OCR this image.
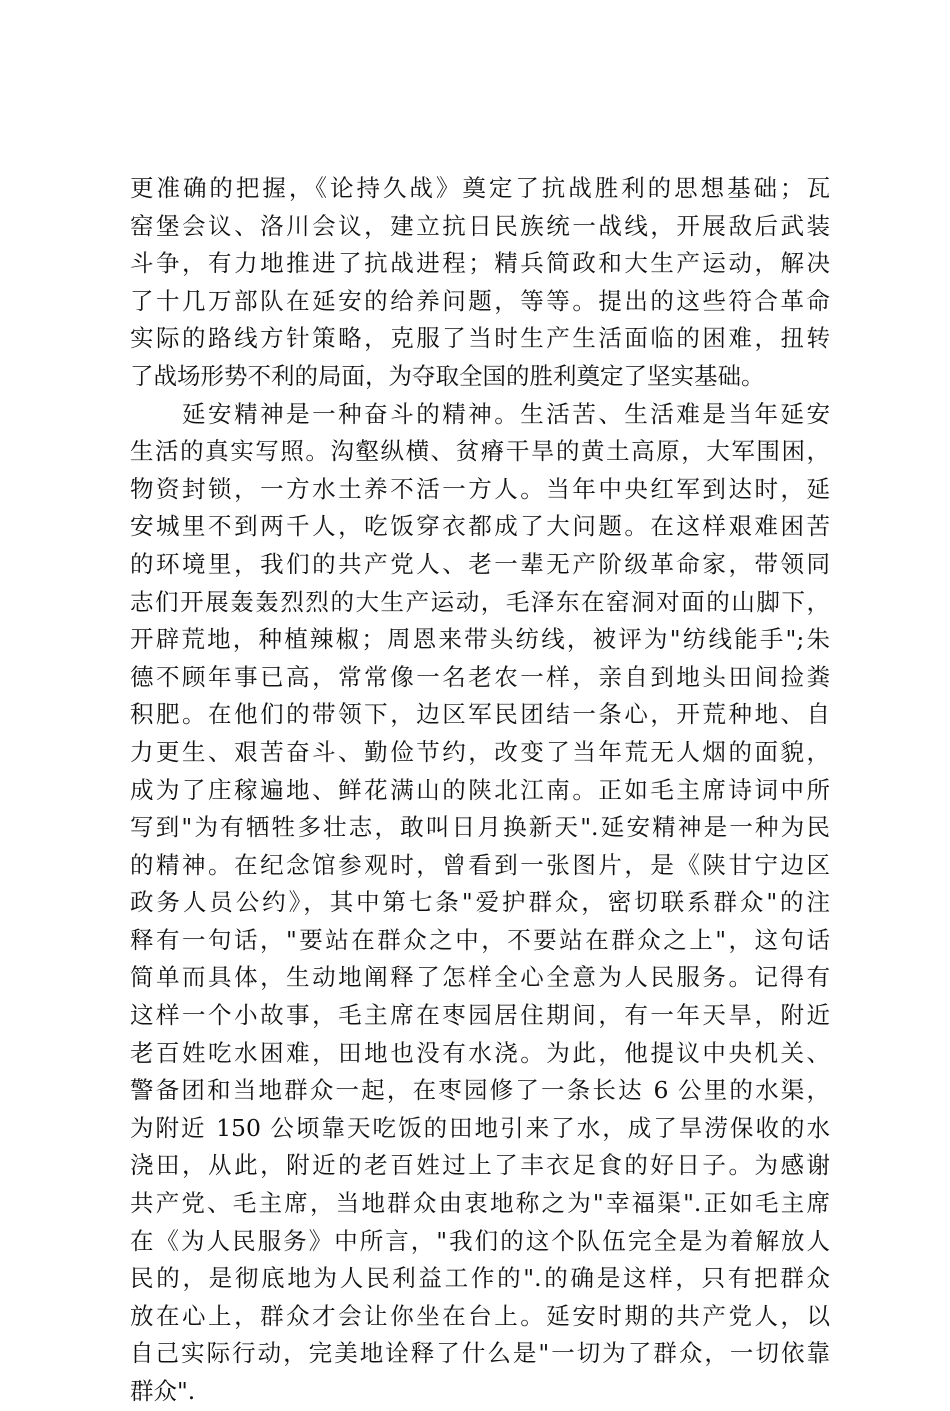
更准确的把握，《论持久战》奠定了抗战胜利的思想基础；瓦
窑堡会议、洛川会议，建立抗日民族统一战线，开展敌后武装
斗争，有力地推进了抗战进程；精兵简政和大生产运动，解决
了十几万部队在延安的给养问题，等等。提出的这些符合革命
实际的路线方针策略，克服了当时生产生活面临的困难，扭转
了战场形势不利的局面，为夺取全国的胜利奠定了坚实基础。
　　延安精神是一种奋斗的精神。生活苦、生活难是当年延安
生活的真实写照。沟壑纵横、贫瘠干旱的黄土高原，大军围困，
物资封锁，一方水土养不活一方人。当年中央红军到达时，延
安城里不到两千人，吃饭穿衣都成了大问题。在这样艰难困苦
的环境里，我们的共产党人、老一辈无产阶级革命家，带领同
志们开展轰轰烈烈的大生产运动，毛泽东在窑洞对面的山脚下，
开辟荒地，种植辣椒；周恩来带头纺线，被评为"纺线能手";朱
德不顾年事已高，常常像一名老农一样，亲自到地头田间捡粪
积肥。在他们的带领下，边区军民团结一条心，开荒种地、自
力更生、艰苦奋斗、勤俭节约，改变了当年荒无人烟的面貌，
成为了庄稼遍地、鲜花满山的陕北江南。正如毛主席诗词中所
写到"为有牺牲多壮志，敢叫日月换新天".延安精神是一种为民
的精神。在纪念馆参观时，曾看到一张图片，是《陕甘宁边区
政务人员公约》，其中第七条"爱护群众，密切联系群众"的注
释有一句话，"要站在群众之中，不要站在群众之上"，这句话
简单而具体，生动地阐释了怎样全心全意为人民服务。记得有
这样一个小故事，毛主席在枣园居住期间，有一年天旱，附近
老百姓吃水困难，田地也没有水浇。为此，他提议中央机关、
警备团和当地群众一起，在枣园修了一条长达 6 公里的水渠，
为附近 150 公顷靠天吃饭的田地引来了水，成了旱涝保收的水
浇田，从此，附近的老百姓过上了丰衣足食的好日子。为感谢
共产党、毛主席，当地群众由衷地称之为"幸福渠".正如毛主席
在《为人民服务》中所言，"我们的这个队伍完全是为着解放人
民的，是彻底地为人民利益工作的".的确是这样，只有把群众
放在心上，群众才会让你坐在台上。延安时期的共产党人，以
自己实际行动，完美地诠释了什么是"一切为了群众，一切依靠
群众".
